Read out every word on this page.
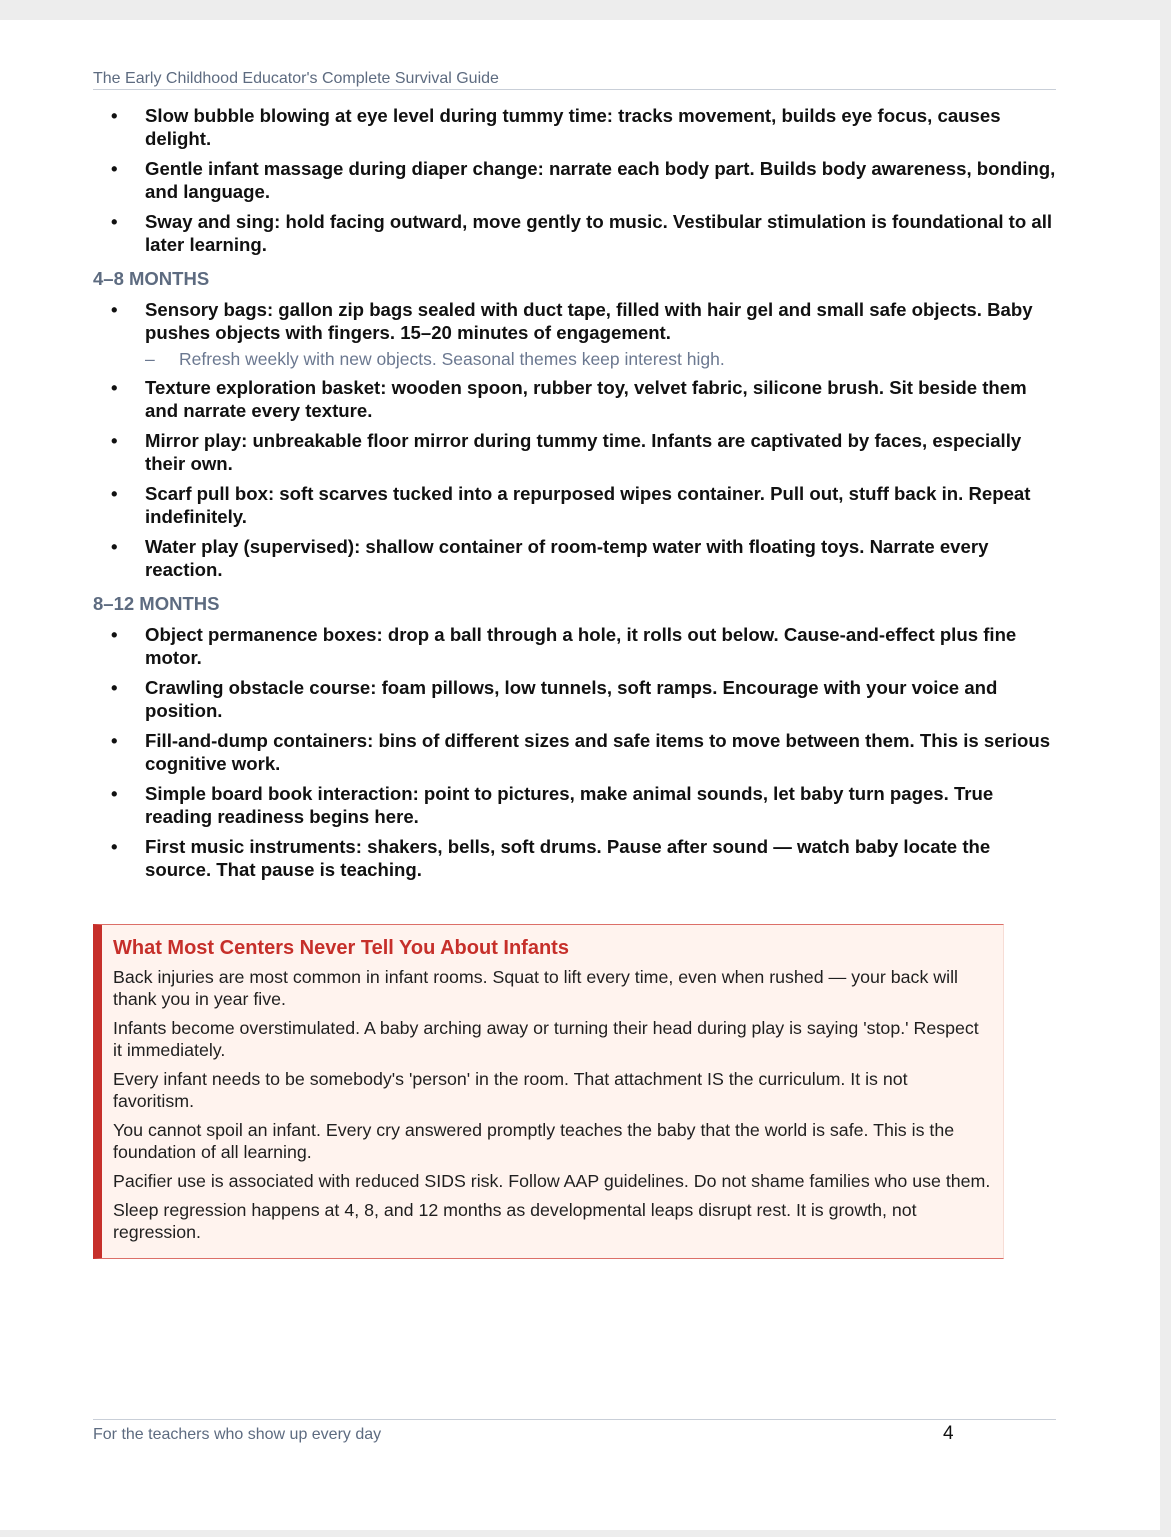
The Early Childhood Educator's Complete Survival Guide
• Slow bubble blowing at eye level during tummy time: tracks movement, builds eye focus, causes delight.
• Gentle infant massage during diaper change: narrate each body part. Builds body awareness, bonding, and language.
• Sway and sing: hold facing outward, move gently to music. Vestibular stimulation is foundational to all later learning.
4–8 MONTHS
• Sensory bags: gallon zip bags sealed with duct tape, filled with hair gel and small safe objects. Baby pushes objects with fingers. 15–20 minutes of engagement.
– Refresh weekly with new objects. Seasonal themes keep interest high.
• Texture exploration basket: wooden spoon, rubber toy, velvet fabric, silicone brush. Sit beside them and narrate every texture.
• Mirror play: unbreakable floor mirror during tummy time. Infants are captivated by faces, especially their own.
• Scarf pull box: soft scarves tucked into a repurposed wipes container. Pull out, stuff back in. Repeat indefinitely.
• Water play (supervised): shallow container of room-temp water with floating toys. Narrate every reaction.
8–12 MONTHS
• Object permanence boxes: drop a ball through a hole, it rolls out below. Cause-and-effect plus fine motor.
• Crawling obstacle course: foam pillows, low tunnels, soft ramps. Encourage with your voice and position.
• Fill-and-dump containers: bins of different sizes and safe items to move between them. This is serious cognitive work.
• Simple board book interaction: point to pictures, make animal sounds, let baby turn pages. True reading readiness begins here.
• First music instruments: shakers, bells, soft drums. Pause after sound — watch baby locate the source. That pause is teaching.
What Most Centers Never Tell You About Infants

Back injuries are most common in infant rooms. Squat to lift every time, even when rushed — your back will thank you in year five.

Infants become overstimulated. A baby arching away or turning their head during play is saying 'stop.' Respect it immediately.

Every infant needs to be somebody's 'person' in the room. That attachment IS the curriculum. It is not favoritism.

You cannot spoil an infant. Every cry answered promptly teaches the baby that the world is safe. This is the foundation of all learning.

Pacifier use is associated with reduced SIDS risk. Follow AAP guidelines. Do not shame families who use them.

Sleep regression happens at 4, 8, and 12 months as developmental leaps disrupt rest. It is growth, not regression.

For the teachers who show up every day	4
